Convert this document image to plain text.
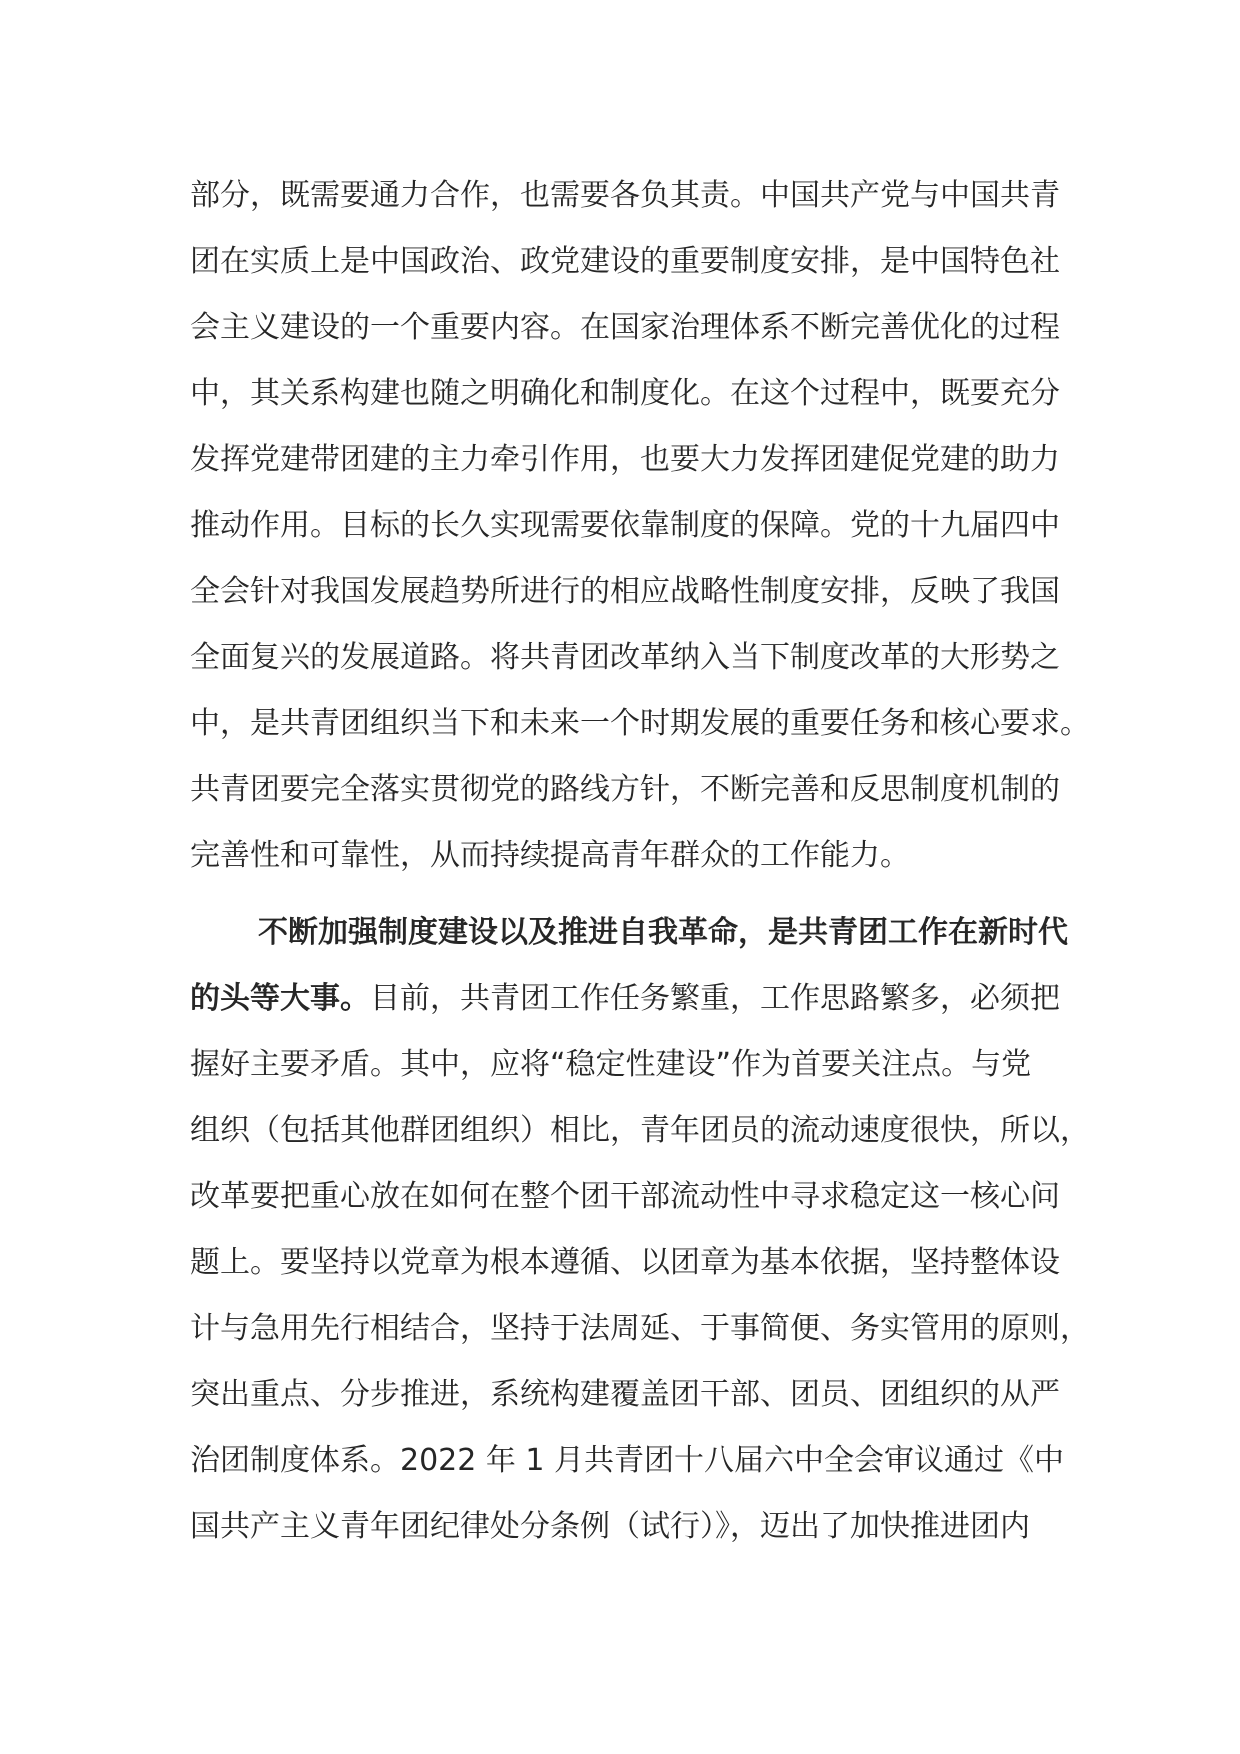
部分，既需要通力合作，也需要各负其责。中国共产党与中国共青
团在实质上是中国政治、政党建设的重要制度安排，是中国特色社
会主义建设的一个重要内容。在国家治理体系不断完善优化的过程
中，其关系构建也随之明确化和制度化。在这个过程中，既要充分
发挥党建带团建的主力牵引作用，也要大力发挥团建促党建的助力
推动作用。目标的长久实现需要依靠制度的保障。党的十九届四中
全会针对我国发展趋势所进行的相应战略性制度安排，反映了我国
全面复兴的发展道路。将共青团改革纳入当下制度改革的大形势之
中，是共青团组织当下和未来一个时期发展的重要任务和核心要求。
共青团要完全落实贯彻党的路线方针，不断完善和反思制度机制的
完善性和可靠性，从而持续提高青年群众的工作能力。
不断加强制度建设以及推进自我革命，是共青团工作在新时代
的头等大事。目前，共青团工作任务繁重，工作思路繁多，必须把
握好主要矛盾。其中，应将“稳定性建设”作为首要关注点。与党
组织（包括其他群团组织）相比，青年团员的流动速度很快，所以，
改革要把重心放在如何在整个团干部流动性中寻求稳定这一核心问
题上。要坚持以党章为根本遵循、以团章为基本依据，坚持整体设
计与急用先行相结合，坚持于法周延、于事简便、务实管用的原则，
突出重点、分步推进，系统构建覆盖团干部、团员、团组织的从严
治团制度体系。2022 年 1 月共青团十八届六中全会审议通过《中
国共产主义青年团纪律处分条例（试行）》，迈出了加快推进团内
